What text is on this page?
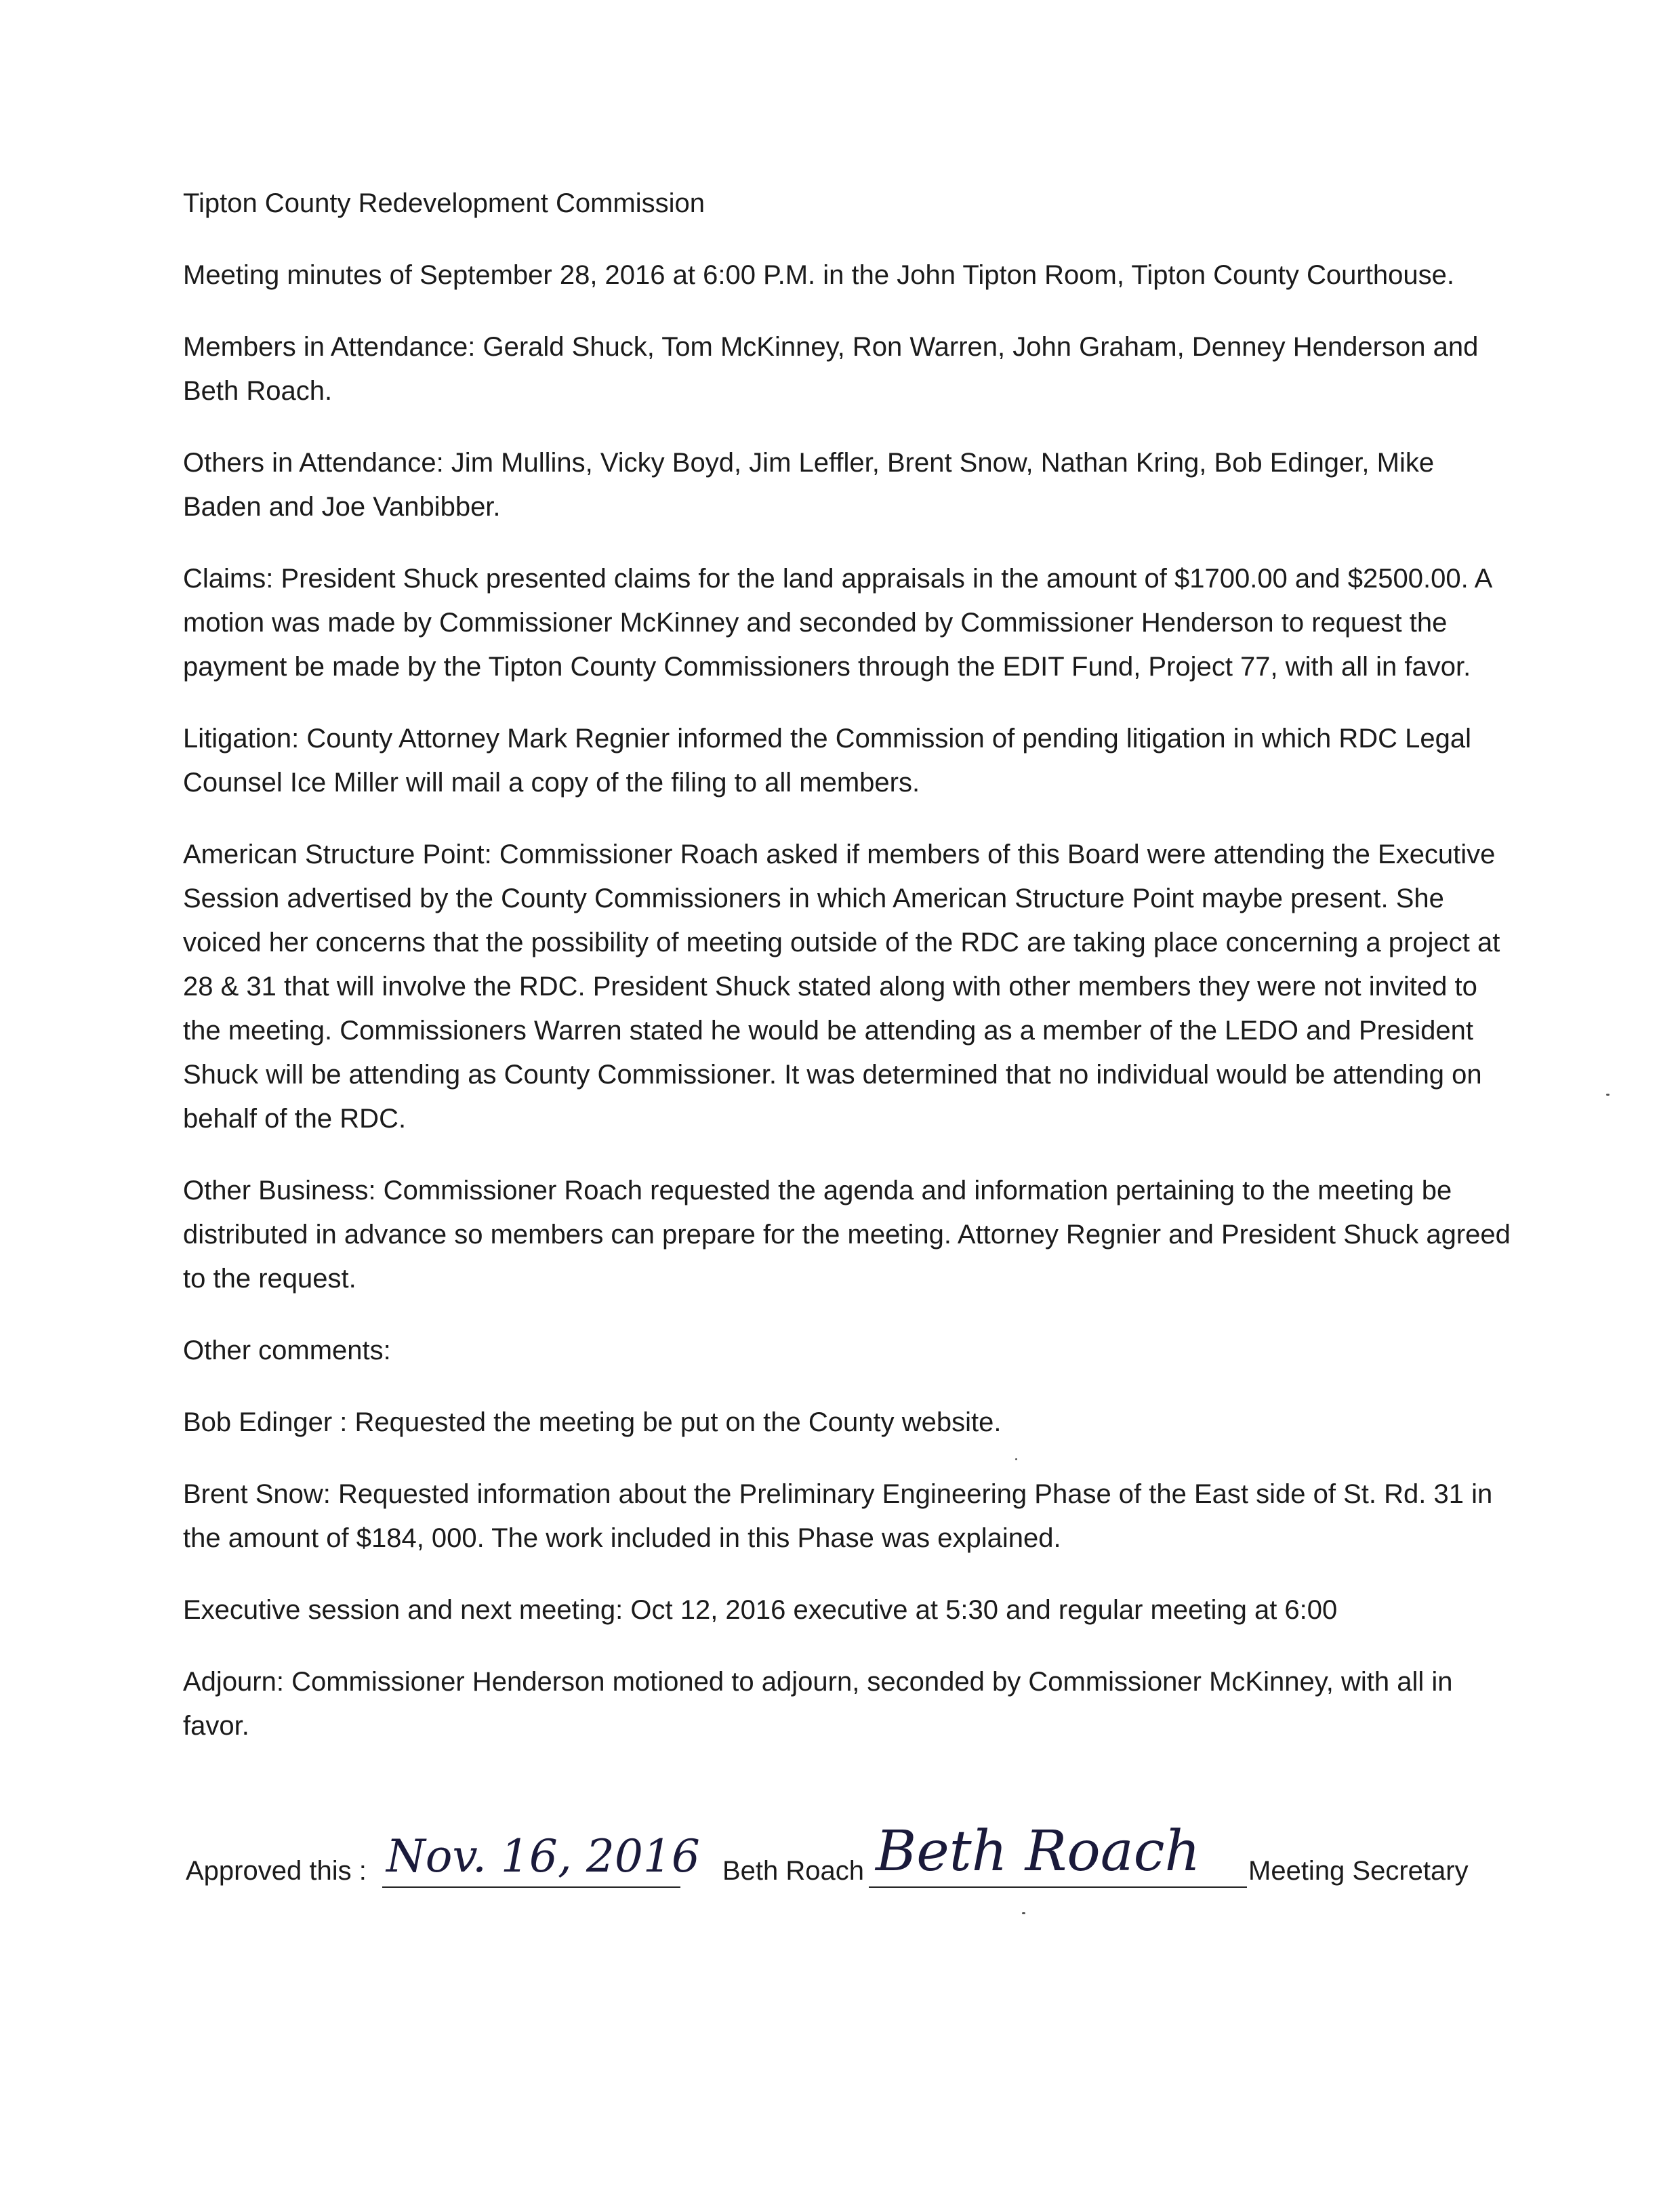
Tipton County Redevelopment Commission

Meeting minutes of September 28, 2016 at 6:00 P.M. in the John Tipton Room, Tipton County Courthouse.

Members in Attendance: Gerald Shuck, Tom McKinney, Ron Warren, John Graham, Denney Henderson and Beth Roach.

Others in Attendance: Jim Mullins, Vicky Boyd, Jim Leffler, Brent Snow, Nathan Kring, Bob Edinger, Mike Baden and Joe Vanbibber.

Claims: President Shuck presented claims for the land appraisals in the amount of $1700.00 and $2500.00. A motion was made by Commissioner McKinney and seconded by Commissioner Henderson to request the payment be made by the Tipton County Commissioners through the EDIT Fund, Project 77, with all in favor.

Litigation: County Attorney Mark Regnier informed the Commission of pending litigation in which RDC Legal Counsel Ice Miller will mail a copy of the filing to all members.

American Structure Point: Commissioner Roach asked if members of this Board were attending the Executive Session advertised by the County Commissioners in which American Structure Point maybe present. She voiced her concerns that the possibility of meeting outside of the RDC are taking place concerning a project at 28 & 31 that will involve the RDC. President Shuck stated along with other members they were not invited to the meeting. Commissioners Warren stated he would be attending as a member of the LEDO and President Shuck will be attending as County Commissioner. It was determined that no individual would be attending on behalf of the RDC.

Other Business: Commissioner Roach requested the agenda and information pertaining to the meeting be distributed in advance so members can prepare for the meeting. Attorney Regnier and President Shuck agreed to the request.

Other comments:

Bob Edinger : Requested the meeting be put on the County website.

Brent Snow: Requested information about the Preliminary Engineering Phase of the East side of St. Rd. 31 in the amount of $184, 000. The work included in this Phase was explained.

Executive session and next meeting: Oct 12, 2016 executive at 5:30 and regular meeting at 6:00

Adjourn: Commissioner Henderson motioned to adjourn, seconded by Commissioner McKinney, with all in favor.

Approved this : Nov. 16, 2016 Beth Roach Beth Roach Meeting Secretary
